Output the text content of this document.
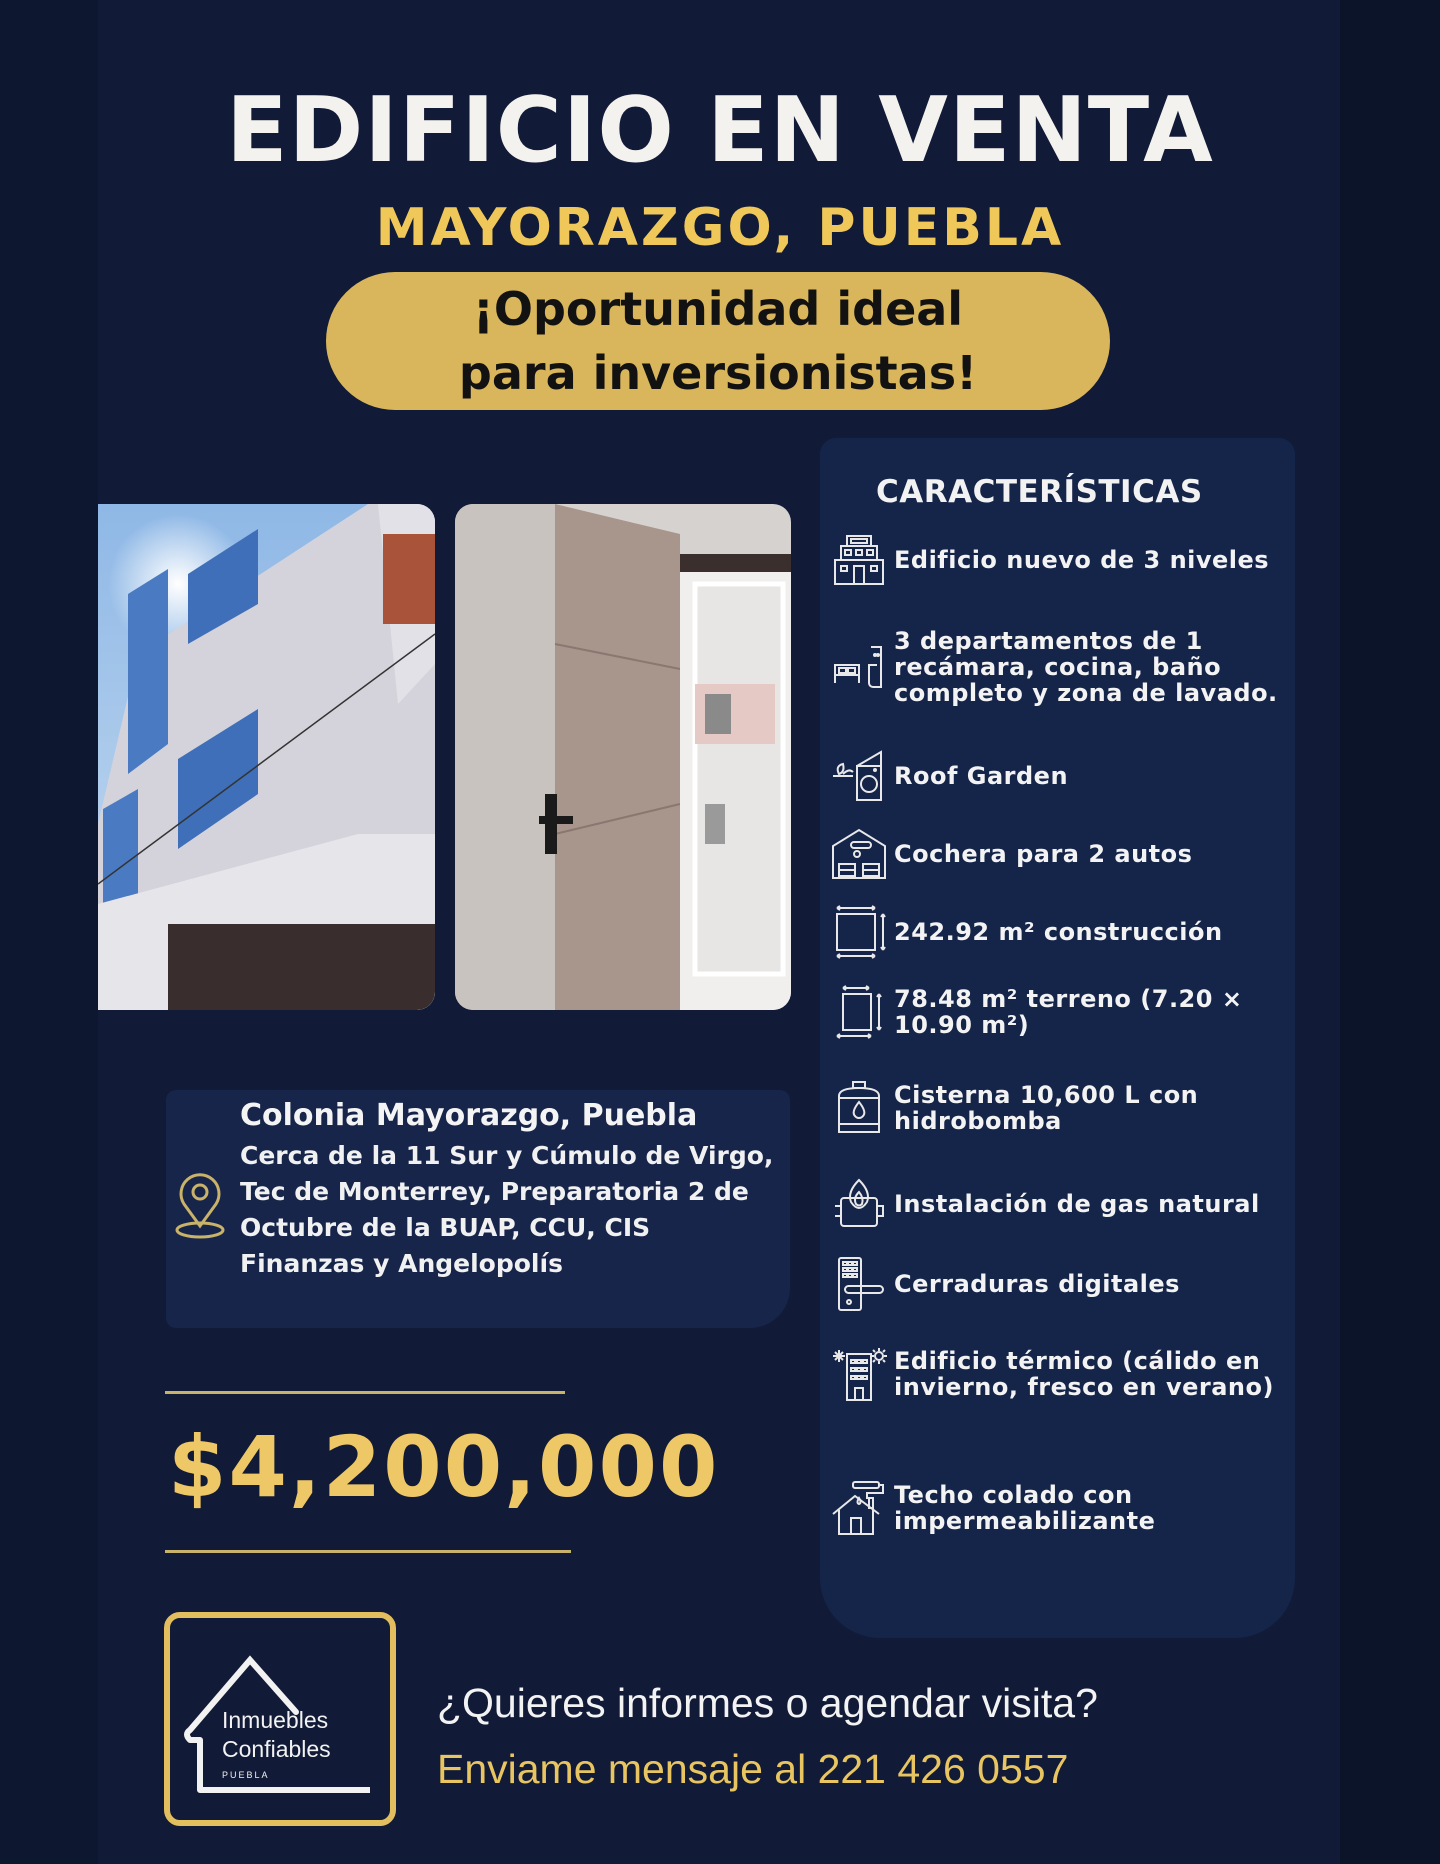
EDIFICIO EN VENTA
MAYORAZGO, PUEBLA
¡Oportunidad ideal
para inversionistas!
CARACTERÍSTICAS
Edificio nuevo de 3 niveles
3 departamentos de 1 recámara, cocina, baño completo y zona de lavado.
Roof Garden
Cochera para 2 autos
242.92 m² construcción
78.48 m² terreno (7.20 × 10.90 m²)
Cisterna 10,600 L con hidrobomba
Instalación de gas natural
Cerraduras digitales
Edificio térmico (cálido en invierno, fresco en verano)
Techo colado con impermeabilizante
Colonia Mayorazgo, Puebla
Cerca de la 11 Sur y Cúmulo de Virgo, Tec de Monterrey, Preparatoria 2 de Octubre de la BUAP, CCU, CIS Finanzas y Angelopolís
$4,200,000
Inmuebles
Confiables
PUEBLA
¿Quieres informes o agendar visita?
Enviame mensaje al 221 426 0557
